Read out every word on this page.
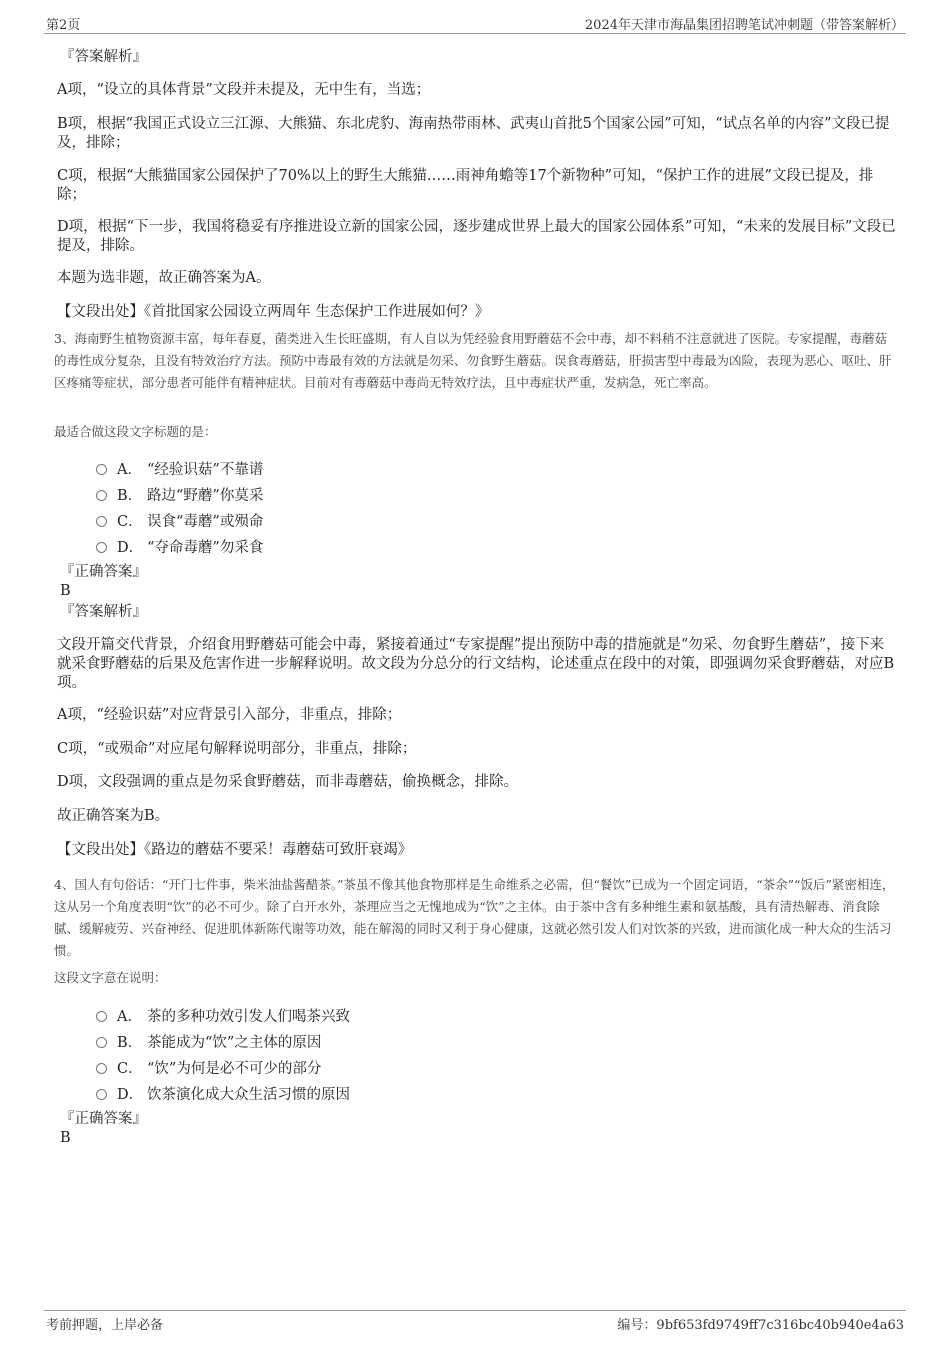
第2页	2024年天津市海晶集团招聘笔试冲刺题（带答案解析）
『答案解析』
A项，“设立的具体背景”文段并未提及，无中生有，当选；
B项，根据“我国正式设立三江源、大熊猫、东北虎豹、海南热带雨林、武夷山首批5个国家公园”可知，“试点名单的内容”文段已提及，排除；
C项，根据“大熊猫国家公园保护了70%以上的野生大熊猫……雨神角蟾等17个新物种”可知，“保护工作的进展”文段已提及，排除；
D项，根据“下一步，我国将稳妥有序推进设立新的国家公园，逐步建成世界上最大的国家公园体系”可知，“未来的发展目标”文段已提及，排除。
本题为选非题，故正确答案为A。
【文段出处】《首批国家公园设立两周年 生态保护工作进展如何？》
3、海南野生植物资源丰富，每年春夏，菌类进入生长旺盛期，有人自以为凭经验食用野蘑菇不会中毒，却不料稍不注意就进了医院。专家提醒，毒蘑菇的毒性成分复杂，且没有特效治疗方法。预防中毒最有效的方法就是勿采、勿食野生蘑菇。误食毒蘑菇，肝损害型中毒最为凶险，表现为恶心、呕吐、肝区疼痛等症状，部分患者可能伴有精神症状。目前对有毒蘑菇中毒尚无特效疗法，且中毒症状严重，发病急，死亡率高。
最适合做这段文字标题的是：
A． “经验识菇”不靠谱
B． 路边“野蘑”你莫采
C． 误食“毒蘑”或殒命
D． “夺命毒蘑”勿采食
『正确答案』
B
『答案解析』
文段开篇交代背景，介绍食用野蘑菇可能会中毒，紧接着通过“专家提醒”提出预防中毒的措施就是“勿采、勿食野生蘑菇”，接下来就采食野蘑菇的后果及危害作进一步解释说明。故文段为分总分的行文结构，论述重点在段中的对策，即强调勿采食野蘑菇，对应B项。
A项，“经验识菇”对应背景引入部分，非重点，排除；
C项，“或殒命”对应尾句解释说明部分，非重点，排除；
D项，文段强调的重点是勿采食野蘑菇，而非毒蘑菇，偷换概念，排除。
故正确答案为B。
【文段出处】《路边的蘑菇不要采！毒蘑菇可致肝衰竭》
4、国人有句俗话：“开门七件事，柴米油盐酱醋茶。”茶虽不像其他食物那样是生命维系之必需，但“餐饮”已成为一个固定词语，“茶余”“饭后”紧密相连，这从另一个角度表明“饮”的必不可少。除了白开水外，茶理应当之无愧地成为“饮”之主体。由于茶中含有多种维生素和氨基酸，具有清热解毒、消食除腻、缓解疲劳、兴奋神经、促进肌体新陈代谢等功效，能在解渴的同时又利于身心健康，这就必然引发人们对饮茶的兴致，进而演化成一种大众的生活习惯。
这段文字意在说明：
A． 茶的多种功效引发人们喝茶兴致
B． 茶能成为“饮”之主体的原因
C． “饮”为何是必不可少的部分
D． 饮茶演化成大众生活习惯的原因
『正确答案』
B
考前押题，上岸必备	编号：9bf653fd9749ff7c316bc40b940e4a63
